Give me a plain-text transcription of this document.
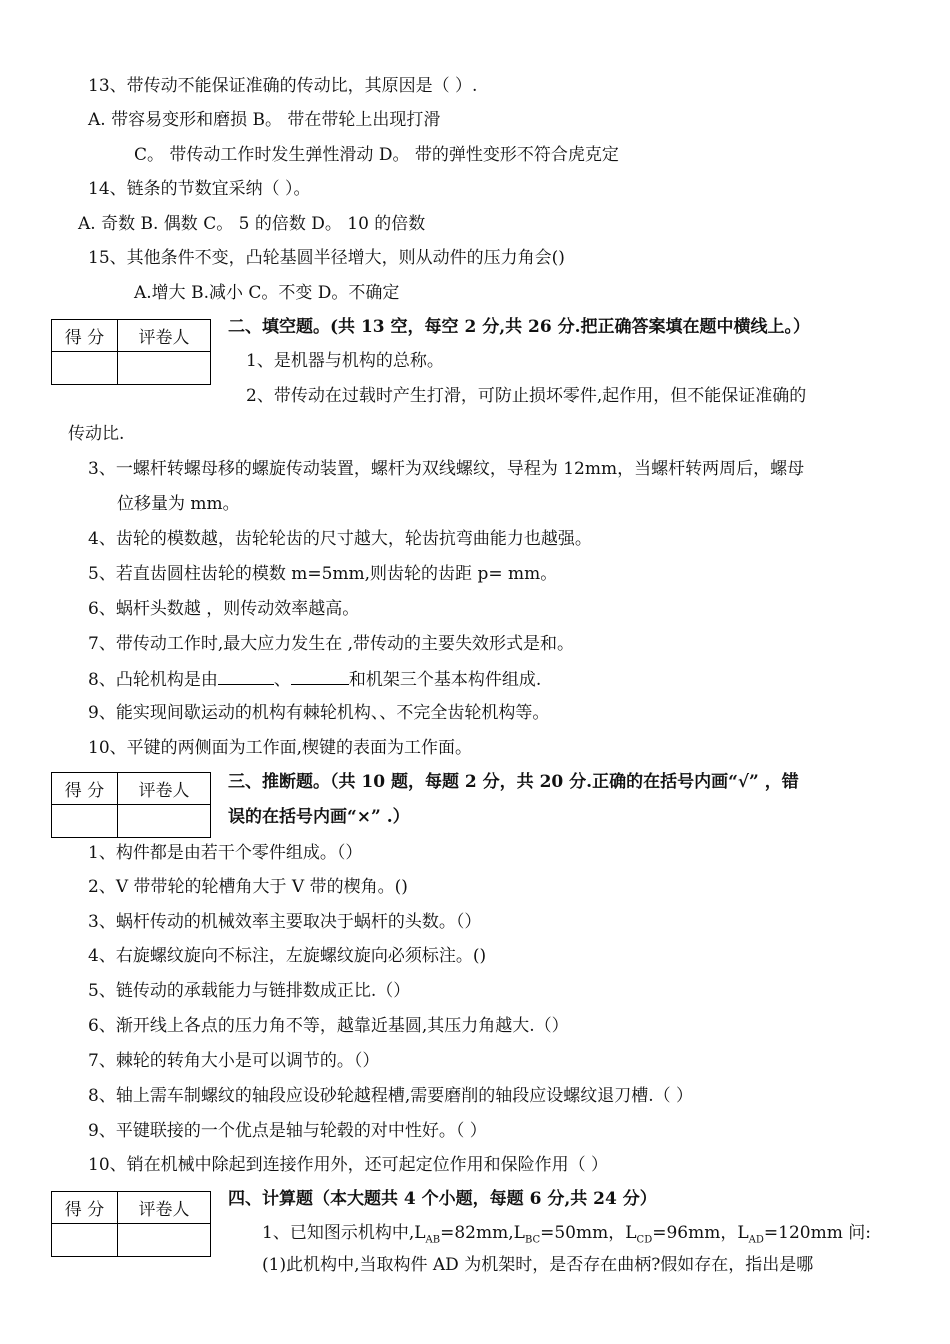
13、带传动不能保证准确的传动比，其原因是（ ）.
A. 带容易变形和磨损 B。 带在带轮上出现打滑
C。 带传动工作时发生弹性滑动 D。 带的弹性变形不符合虎克定
14、链条的节数宜采纳（ ）。
A. 奇数 B. 偶数 C。 5 的倍数 D。 10 的倍数
15、其他条件不变，凸轮基圆半径增大，则从动件的压力角会()
A.增大 B.减小 C。不变 D。不确定
得 分	评卷人
二、填空题。(共 13 空，每空 2 分,共 26 分.把正确答案填在题中横线上。）
1、是机器与机构的总称。
2、带传动在过载时产生打滑，可防止损坏零件,起作用，但不能保证准确的
传动比.
3、一螺杆转螺母移的螺旋传动装置，螺杆为双线螺纹，导程为 12mm，当螺杆转两周后，螺母
位移量为 mm。
4、齿轮的模数越，齿轮轮齿的尺寸越大，轮齿抗弯曲能力也越强。
5、若直齿圆柱齿轮的模数 m=5mm,则齿轮的齿距 p= mm。
6、蜗杆头数越 ，则传动效率越高。
7、带传动工作时,最大应力发生在 ,带传动的主要失效形式是和。
8、凸轮机构是由	、	和机架三个基本构件组成.
9、能实现间歇运动的机构有棘轮机构、、不完全齿轮机构等。
10、平键的两侧面为工作面,楔键的表面为工作面。
得 分	评卷人	三、推断题。（共 10 题，每题 2 分，共 20 分.正确的在括号内画“√” ，错
误的在括号内画“×” .）
1、构件都是由若干个零件组成。（）
2、V 带带轮的轮槽角大于 V 带的楔角。()
3、蜗杆传动的机械效率主要取决于蜗杆的头数。（）
4、右旋螺纹旋向不标注，左旋螺纹旋向必须标注。()
5、链传动的承载能力与链排数成正比.（）
6、渐开线上各点的压力角不等，越靠近基圆,其压力角越大.（）
7、棘轮的转角大小是可以调节的。（）
8、轴上需车制螺纹的轴段应设砂轮越程槽,需要磨削的轴段应设螺纹退刀槽.（ ）
9、平键联接的一个优点是轴与轮毂的对中性好。（ ）
10、销在机械中除起到连接作用外，还可起定位作用和保险作用（ ）
得 分	评卷人
四、计算题（本大题共 4 个小题，每题 6 分,共 24 分）
1、已知图示机构中$,L_{AB}=82mm,L_{BC}=50mm$，$L_{CD}=96mm$，$L_{AD}=120mm$ 问:
(1)此机构中,当取构件 AD 为机架时，是否存在曲柄?假如存在，指出是哪
